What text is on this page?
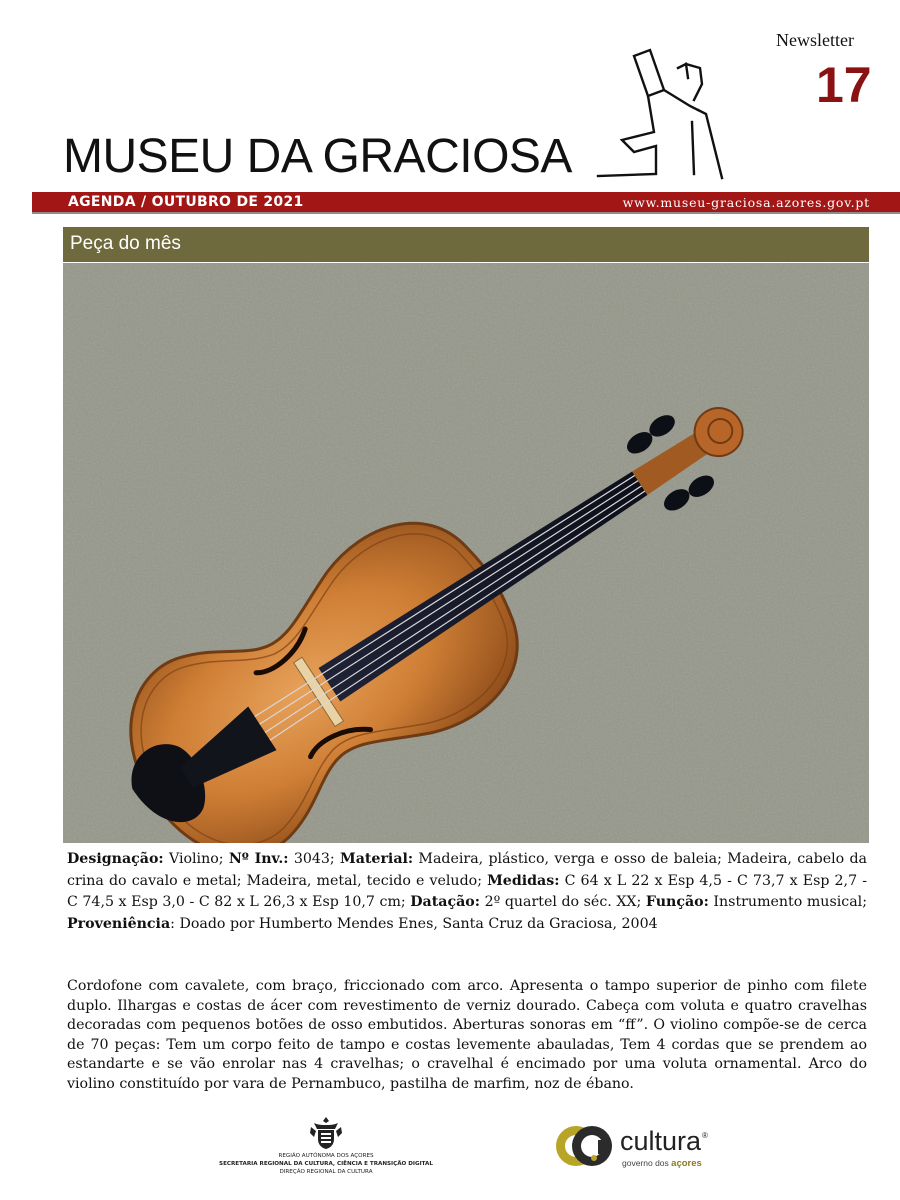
Newsletter
17
MUSEU DA GRACIOSA
AGENDA / OUTUBRO DE 2021	www.museu-graciosa.azores.gov.pt
Peça do mês
Designação: Violino; Nº Inv.: 3043; Material: Madeira, plástico, verga e osso de baleia; Madeira, cabelo da crina do cavalo e metal; Madeira, metal, tecido e veludo; Medidas: C 64 x L 22 x Esp 4,5 - C 73,7 x Esp 2,7 - C 74,5 x Esp 3,0 - C 82 x L 26,3 x Esp 10,7 cm; Datação: 2º quartel do séc. XX; Função: Instrumento musical; Proveniência: Doado por Humberto Mendes Enes, Santa Cruz da Graciosa, 2004
Cordofone com cavalete, com braço, friccionado com arco. Apresenta o tampo superior de pinho com filete duplo. Ilhargas e costas de ácer com revestimento de verniz dourado. Cabeça com voluta e quatro cravelhas decoradas com pequenos botões de osso embutidos. Aberturas sonoras em “ff”. O violino compõe-se de cerca de 70 peças: Tem um corpo feito de tampo e costas levemente abauladas, Tem 4 cordas que se prendem ao estandarte e se vão enrolar nas 4 cravelhas; o cravelhal é encimado por uma voluta ornamental. Arco do violino constituído por vara de Pernambuco, pastilha de marfim, noz de ébano.
REGIÃO AUTÓNOMA DOS AÇORES
SECRETARIA REGIONAL DA CULTURA, CIÊNCIA E TRANSIÇÃO DIGITAL
DIREÇÃO REGIONAL DA CULTURA
cultura ®
governo dos açores
